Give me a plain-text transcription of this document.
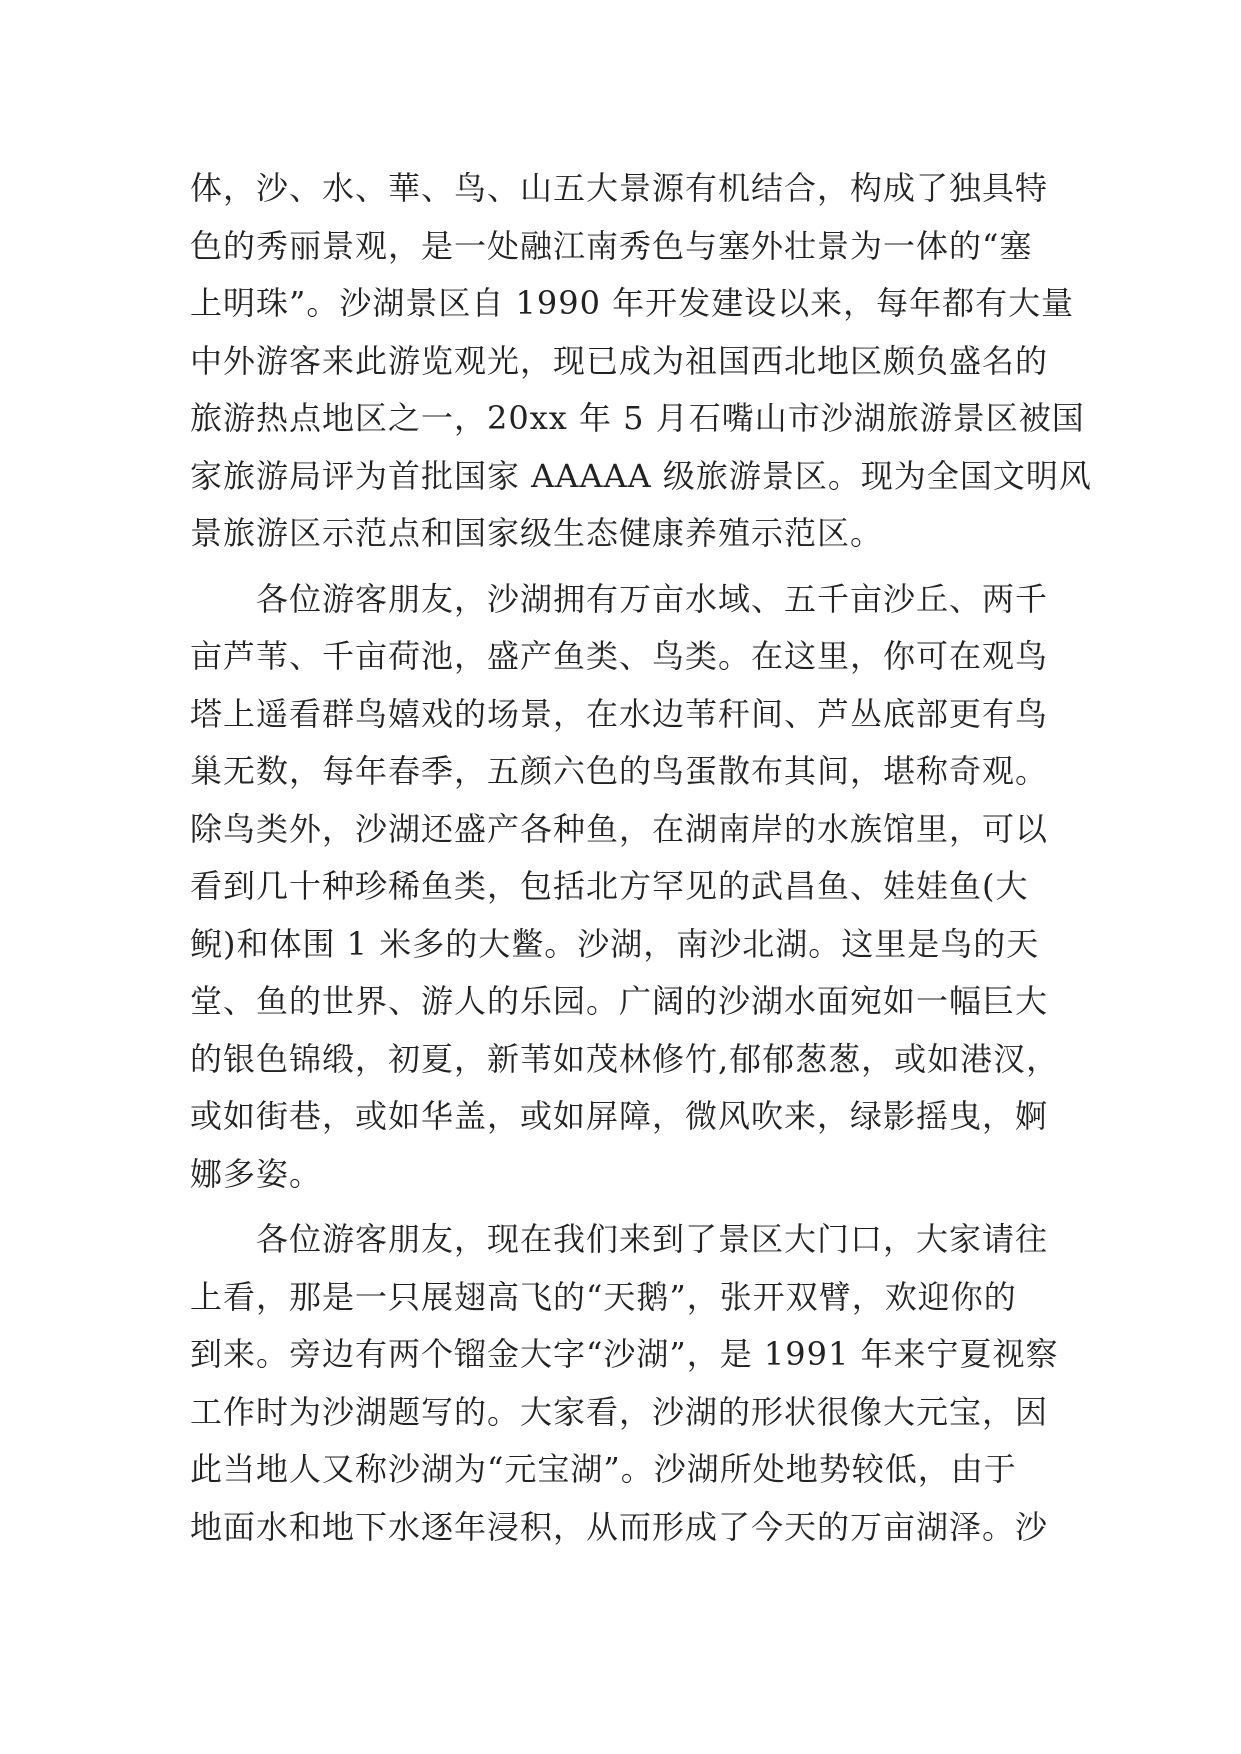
体，沙、水、華、鸟、山五大景源有机结合，构成了独具特
色的秀丽景观，是一处融江南秀色与塞外壮景为一体的“塞
上明珠”。沙湖景区自 1990 年开发建设以来，每年都有大量
中外游客来此游览观光，现已成为祖国西北地区颇负盛名的
旅游热点地区之一，20xx 年 5 月石嘴山市沙湖旅游景区被国
家旅游局评为首批国家 AAAAA 级旅游景区。现为全国文明风
景旅游区示范点和国家级生态健康养殖示范区。
　　各位游客朋友，沙湖拥有万亩水域、五千亩沙丘、两千
亩芦苇、千亩荷池，盛产鱼类、鸟类。在这里，你可在观鸟
塔上遥看群鸟嬉戏的场景，在水边苇秆间、芦丛底部更有鸟
巢无数，每年春季，五颜六色的鸟蛋散布其间，堪称奇观。
除鸟类外，沙湖还盛产各种鱼，在湖南岸的水族馆里，可以
看到几十种珍稀鱼类，包括北方罕见的武昌鱼、娃娃鱼(大
鲵)和体围 1 米多的大鳖。沙湖，南沙北湖。这里是鸟的天
堂、鱼的世界、游人的乐园。广阔的沙湖水面宛如一幅巨大
的银色锦缎，初夏，新苇如茂林修竹,郁郁葱葱，或如港汊，
或如街巷，或如华盖，或如屏障，微风吹来，绿影摇曳，婀
娜多姿。
　　各位游客朋友，现在我们来到了景区大门口，大家请往
上看，那是一只展翅高飞的“天鹅”，张开双臂，欢迎你的
到来。旁边有两个镏金大字“沙湖”，是 1991 年来宁夏视察
工作时为沙湖题写的。大家看，沙湖的形状很像大元宝，因
此当地人又称沙湖为“元宝湖”。沙湖所处地势较低，由于
地面水和地下水逐年浸积，从而形成了今天的万亩湖泽。沙
